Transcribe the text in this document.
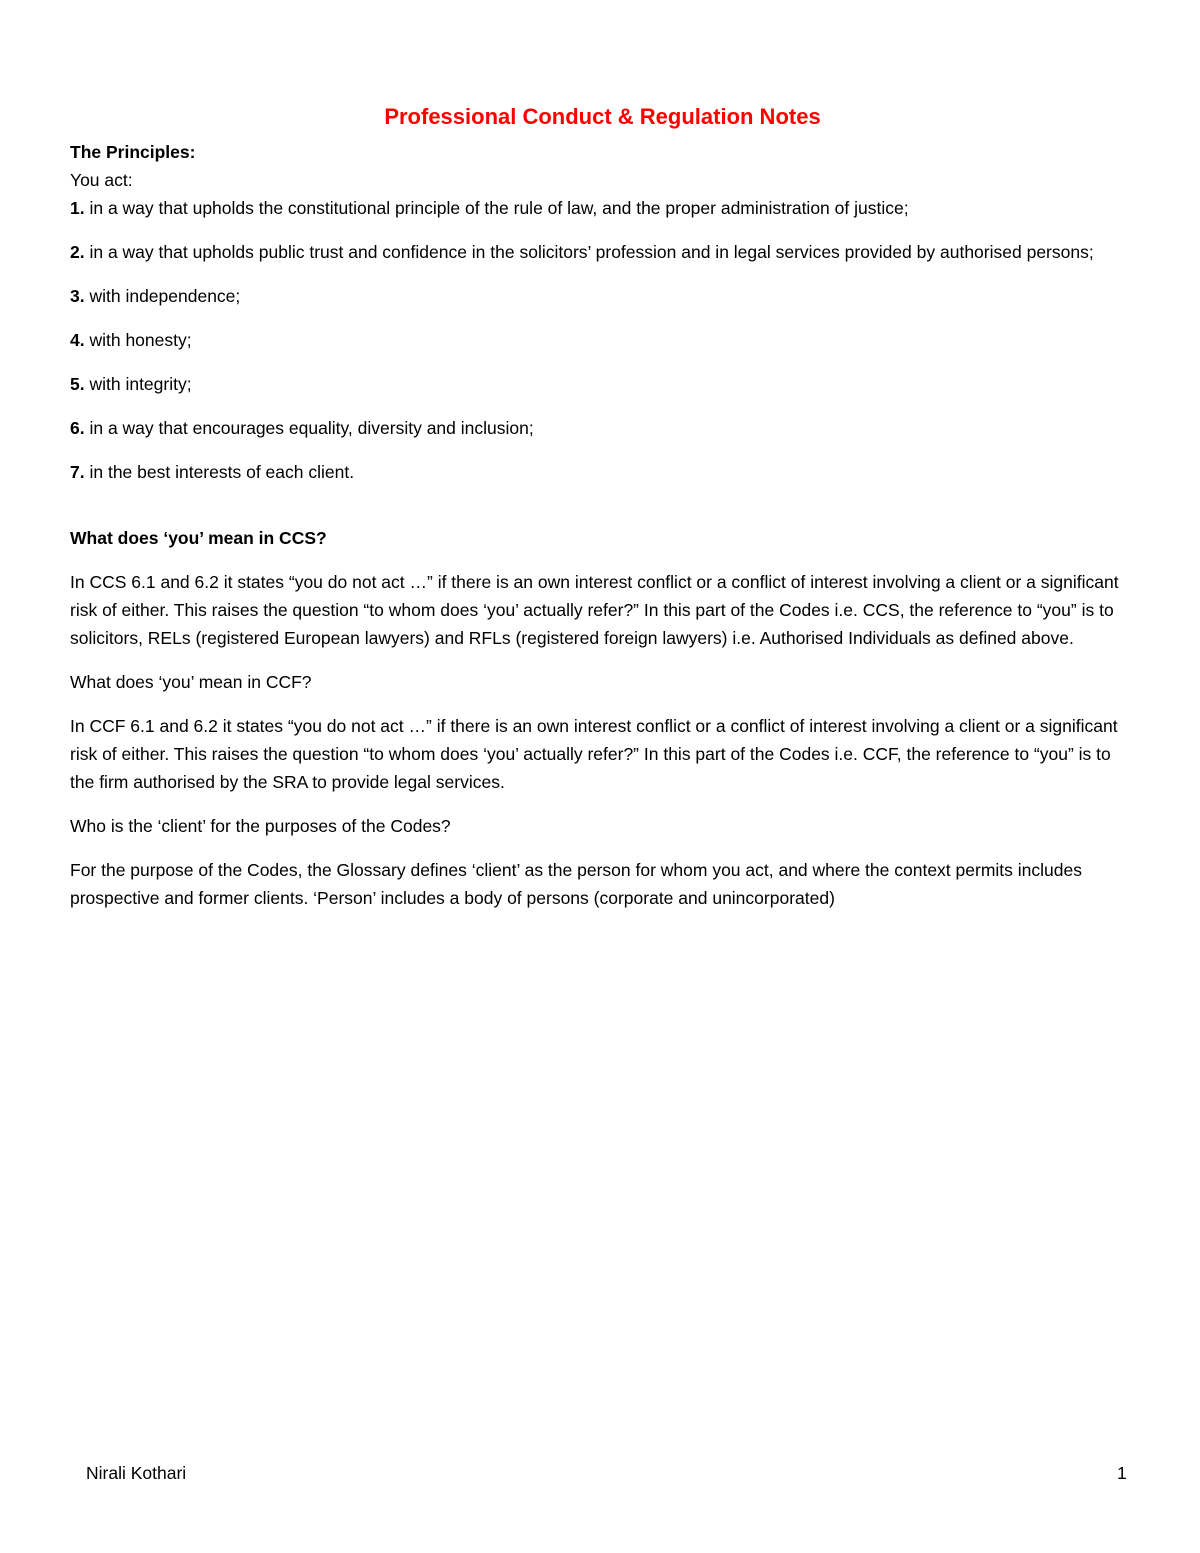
Professional Conduct & Regulation Notes

The Principles:

You act:

1. in a way that upholds the constitutional principle of the rule of law, and the proper administration of justice;

2. in a way that upholds public trust and confidence in the solicitors’ profession and in legal services provided by authorised persons;

3. with independence;

4. with honesty;

5. with integrity;

6. in a way that encourages equality, diversity and inclusion;

7. in the best interests of each client.

What does ‘you’ mean in CCS?

In CCS 6.1 and 6.2 it states “you do not act …” if there is an own interest conflict or a conflict of interest involving a client or a significant risk of either. This raises the question “to whom does ‘you’ actually refer?” In this part of the Codes i.e. CCS, the reference to “you” is to solicitors, RELs (registered European lawyers) and RFLs (registered foreign lawyers) i.e. Authorised Individuals as defined above.

What does ‘you’ mean in CCF?

In CCF 6.1 and 6.2 it states “you do not act …” if there is an own interest conflict or a conflict of interest involving a client or a significant risk of either. This raises the question “to whom does ‘you’ actually refer?” In this part of the Codes i.e. CCF, the reference to “you” is to the firm authorised by the SRA to provide legal services.

Who is the ‘client’ for the purposes of the Codes?

For the purpose of the Codes, the Glossary defines ‘client’ as the person for whom you act, and where the context permits includes prospective and former clients. ‘Person’ includes a body of persons (corporate and unincorporated)

Nirali Kothari	1
